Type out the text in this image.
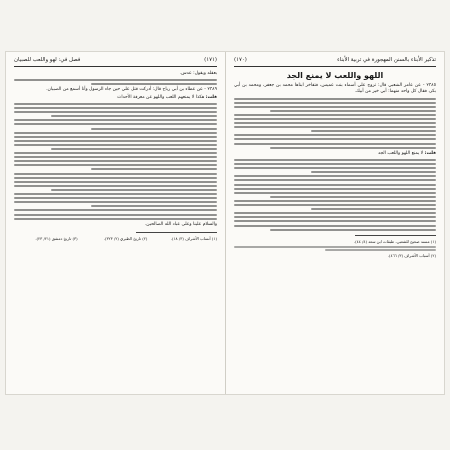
(١٧٠)	تذكير الأبناء بالسنن المهجورة في تربية الأبناء
اللهو واللعب لا يمنع الجد

٢٣٨٥ - عن عامر الشعبي قال: تزوج علي أسماء بنت عميس، فتفاخر ابناها محمد بن جعفر، ومحمد بن أبي بكر، فقال كل واحد منهما: أبي خير من أبيك.

قلت: لا يمنع اللهو واللعب الجد

(١) مسند صحيح للشعبي، طبقات ابن سعد (٤/ ٤٤).
(٢) أسباب الأشراف (٣/ ٤٦٦).
فصل في: لهو واللعب للصبيان	(١٧١)

بعقله ويقول: عدس.

٢٣٨٩ - عن عطاء بن أبي رباح قال: أدركت قتل علي حين جاء الرسول وأنا أسمع من الصبيان.

قلت: هكذا لا يمنعهم اللعب واللهو عن معرفة الأحداث

والسلام علينا وعلى عباد الله الصالحين.

(١) أنساب الأشراف (٣/ ١٨).
(٢) تاريخ الطبري (٢/ ٣٢٣).
(٣) تاريخ دمشق (٢١/ ٢٣).
